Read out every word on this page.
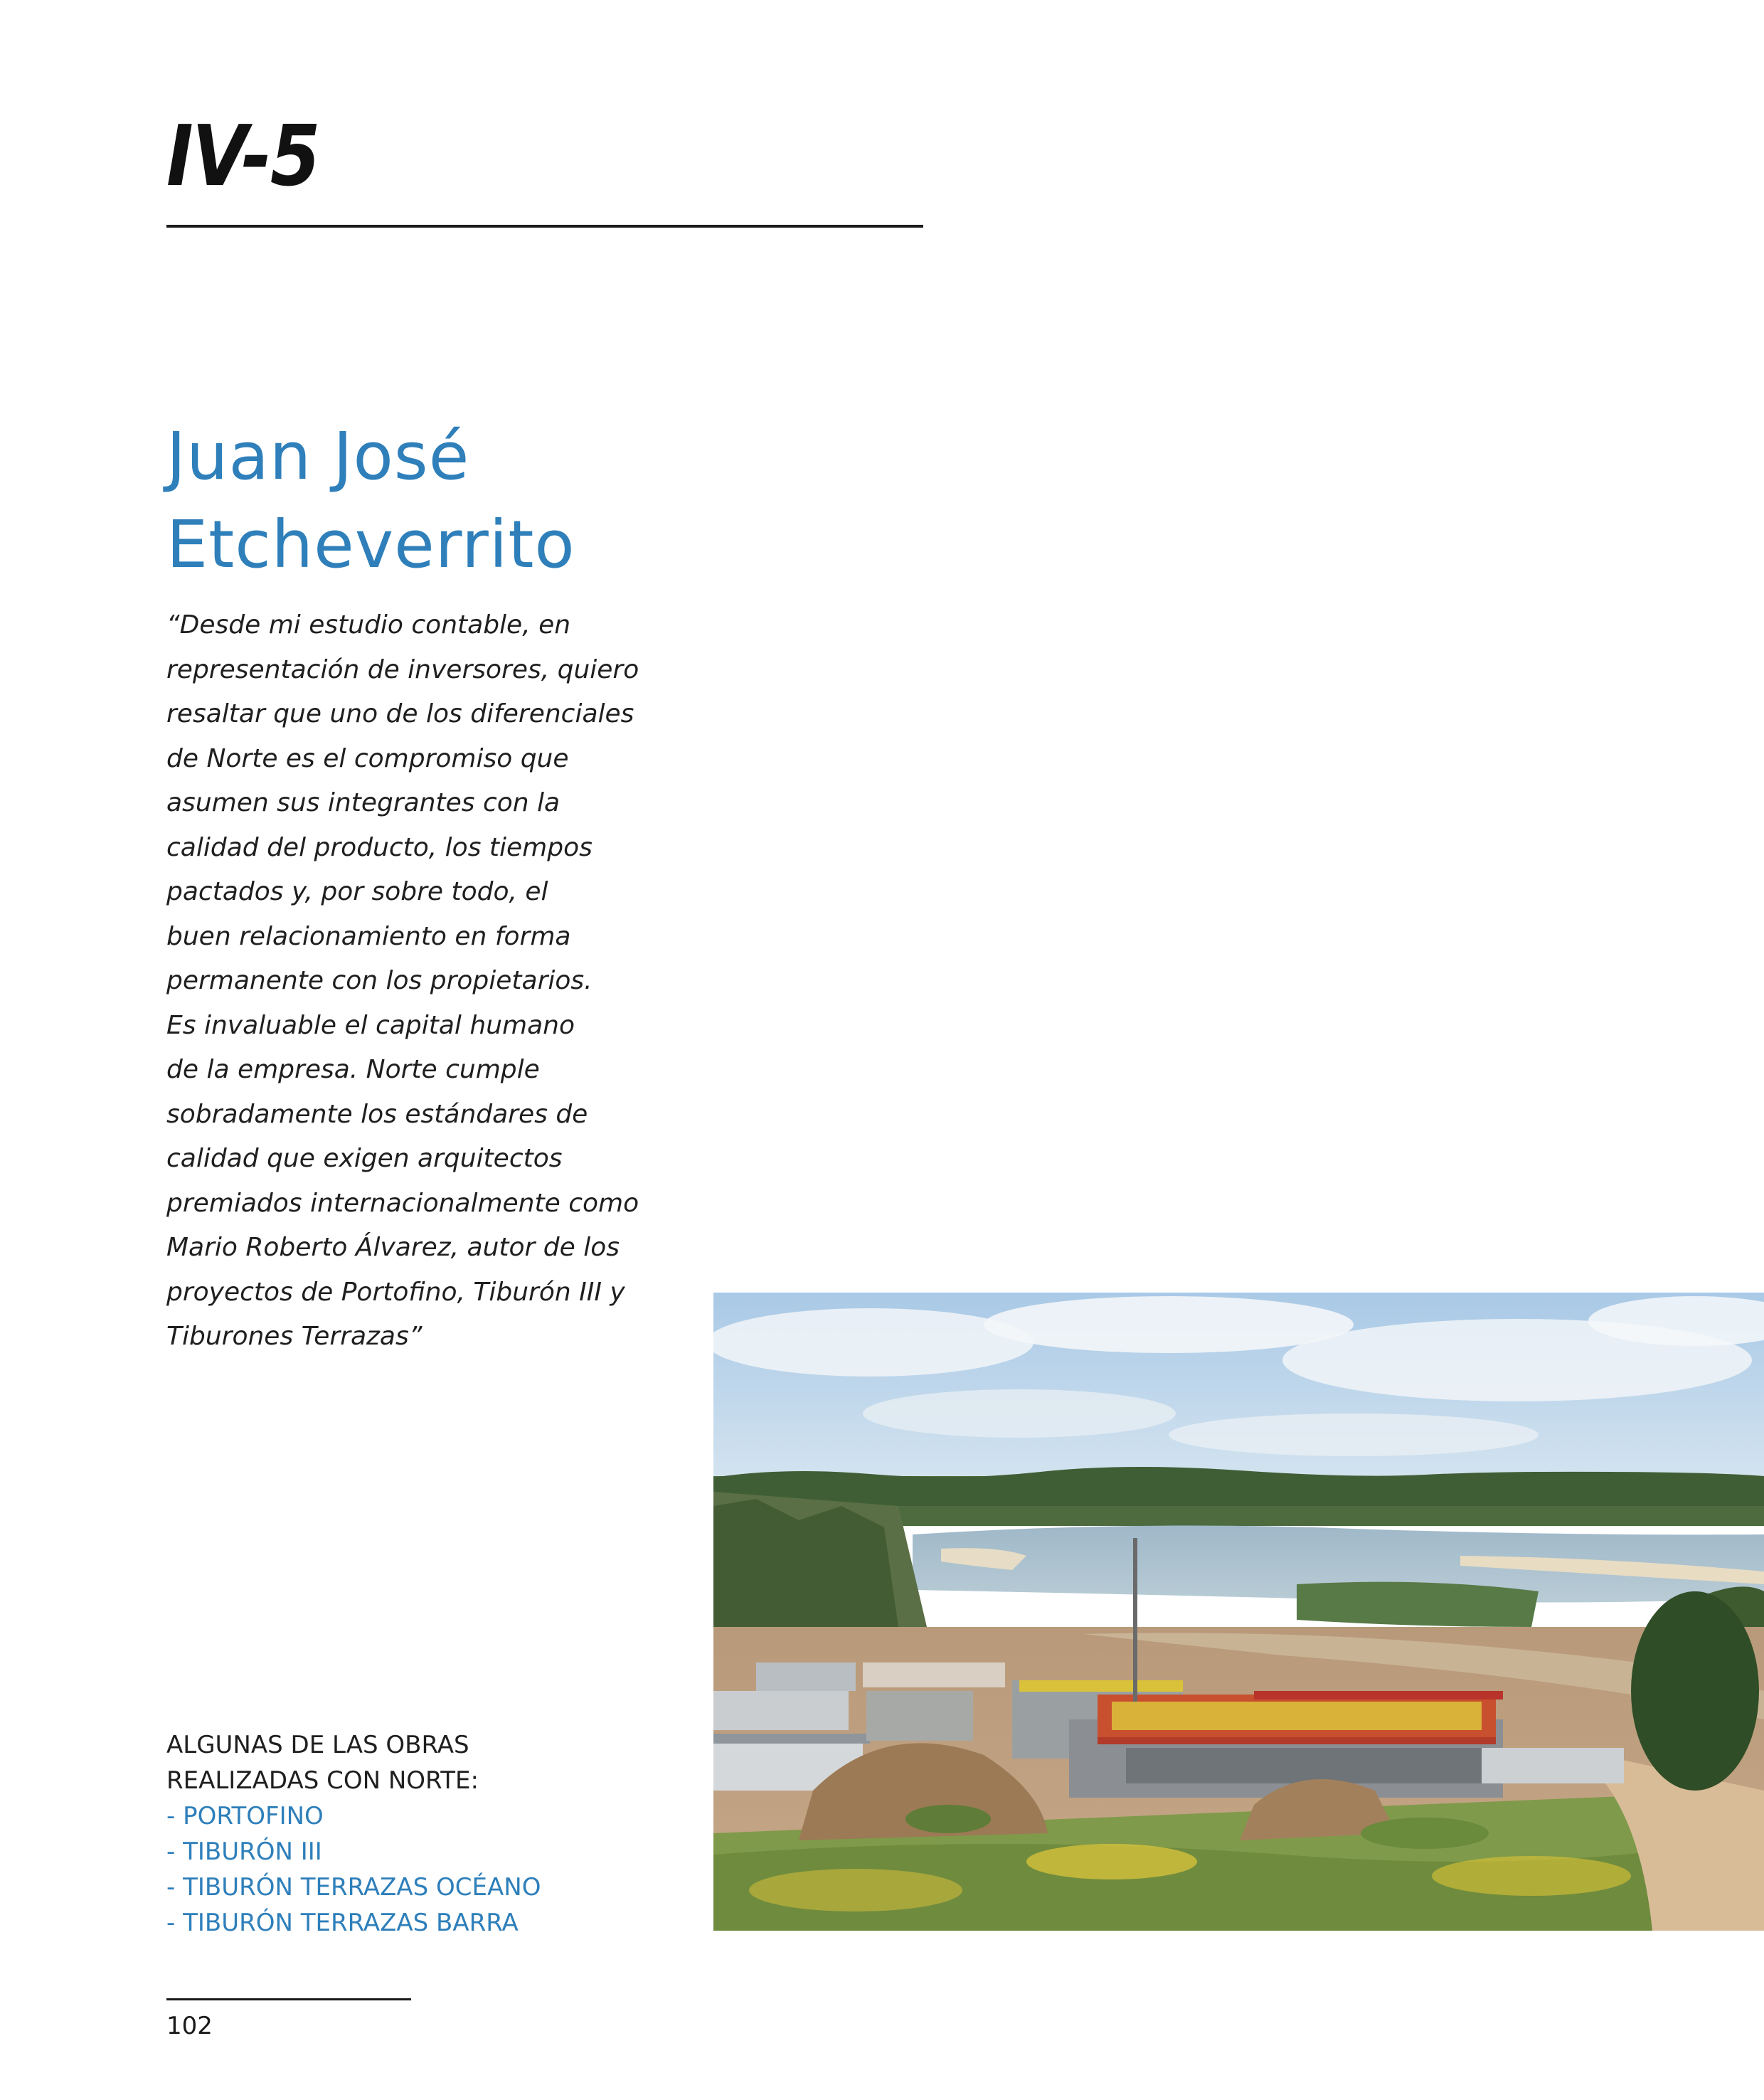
IV-5
Juan José
Etcheverrito

“Desde mi estudio contable, en
representación de inversores, quiero
resaltar que uno de los diferenciales
de Norte es el compromiso que
asumen sus integrantes con la
calidad del producto, los tiempos
pactados y, por sobre todo, el
buen relacionamiento en forma
permanente con los propietarios.
Es invaluable el capital humano
de la empresa. Norte cumple
sobradamente los estándares de
calidad que exigen arquitectos
premiados internacionalmente como
Mario Roberto Álvarez, autor de los
proyectos de Portofino, Tiburón III y
Tiburones Terrazas”

ALGUNAS DE LAS OBRAS
REALIZADAS CON NORTE:
- PORTOFINO
- TIBURÓN III
- TIBURÓN TERRAZAS OCÉANO
- TIBURÓN TERRAZAS BARRA
102
